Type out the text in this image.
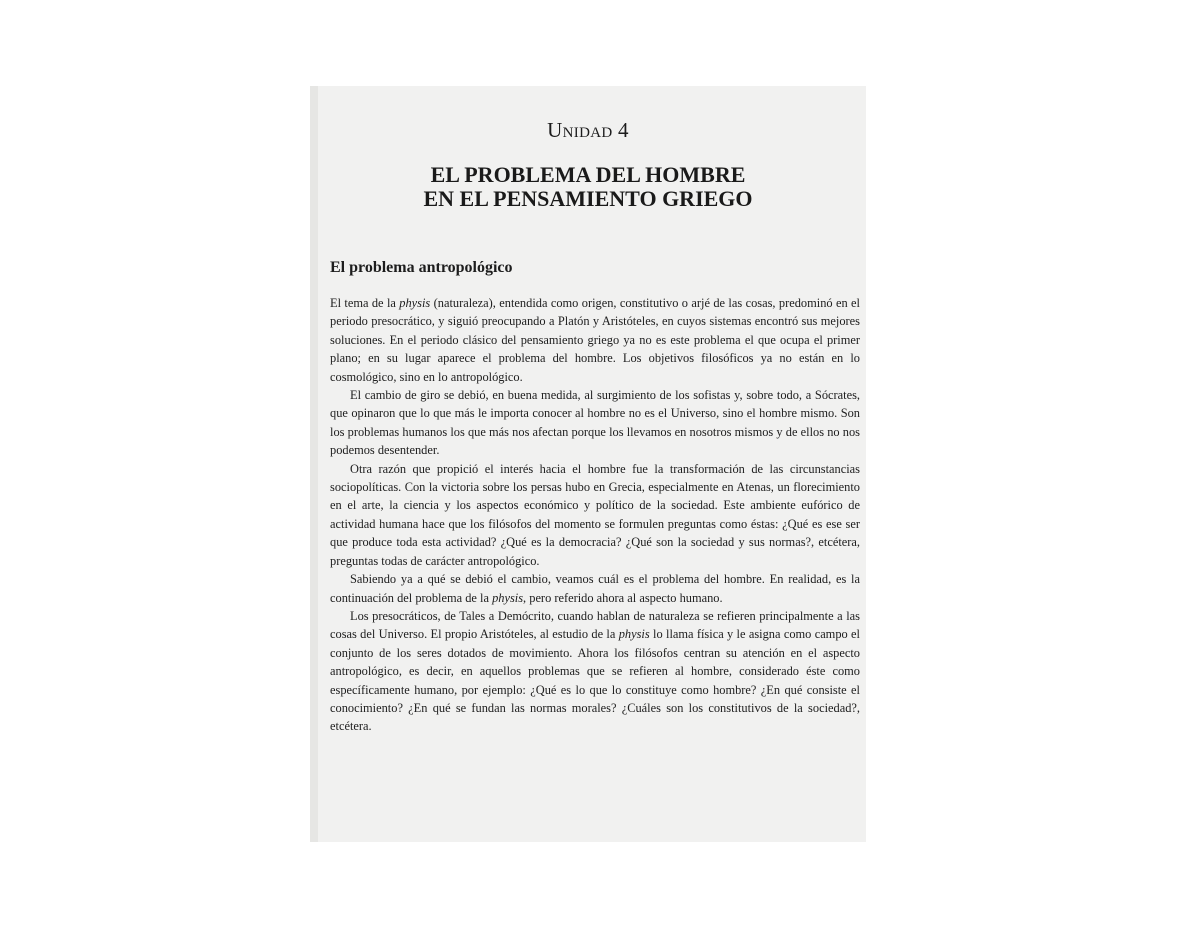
Unidad 4
EL PROBLEMA DEL HOMBRE
EN EL PENSAMIENTO GRIEGO
El problema antropológico

El tema de la physis (naturaleza), entendida como origen, constitutivo o arjé de las cosas, predominó en el periodo presocrático, y siguió preocupando a Platón y Aristóteles, en cuyos sistemas encontró sus mejores soluciones. En el periodo clásico del pensamiento griego ya no es este problema el que ocupa el primer plano; en su lugar aparece el problema del hombre. Los objetivos filosóficos ya no están en lo cosmológico, sino en lo antropológico.

El cambio de giro se debió, en buena medida, al surgimiento de los sofistas y, sobre todo, a Sócrates, que opinaron que lo que más le importa conocer al hombre no es el Universo, sino el hombre mismo. Son los problemas humanos los que más nos afectan porque los llevamos en nosotros mismos y de ellos no nos podemos desentender.

Otra razón que propició el interés hacia el hombre fue la transformación de las circunstancias sociopolíticas. Con la victoria sobre los persas hubo en Grecia, especialmente en Atenas, un florecimiento en el arte, la ciencia y los aspectos económico y político de la sociedad. Este ambiente eufórico de actividad humana hace que los filósofos del momento se formulen preguntas como éstas: ¿Qué es ese ser que produce toda esta actividad? ¿Qué es la democracia? ¿Qué son la sociedad y sus normas?, etcétera, preguntas todas de carácter antropológico.

Sabiendo ya a qué se debió el cambio, veamos cuál es el problema del hombre. En realidad, es la continuación del problema de la physis, pero referido ahora al aspecto humano.

Los presocráticos, de Tales a Demócrito, cuando hablan de naturaleza se refieren principalmente a las cosas del Universo. El propio Aristóteles, al estudio de la physis lo llama física y le asigna como campo el conjunto de los seres dotados de movimiento. Ahora los filósofos centran su atención en el aspecto antropológico, es decir, en aquellos problemas que se refieren al hombre, considerado éste como específicamente humano, por ejemplo: ¿Qué es lo que lo constituye como hombre? ¿En qué consiste el conocimiento? ¿En qué se fundan las normas morales? ¿Cuáles son los constitutivos de la sociedad?, etcétera.
